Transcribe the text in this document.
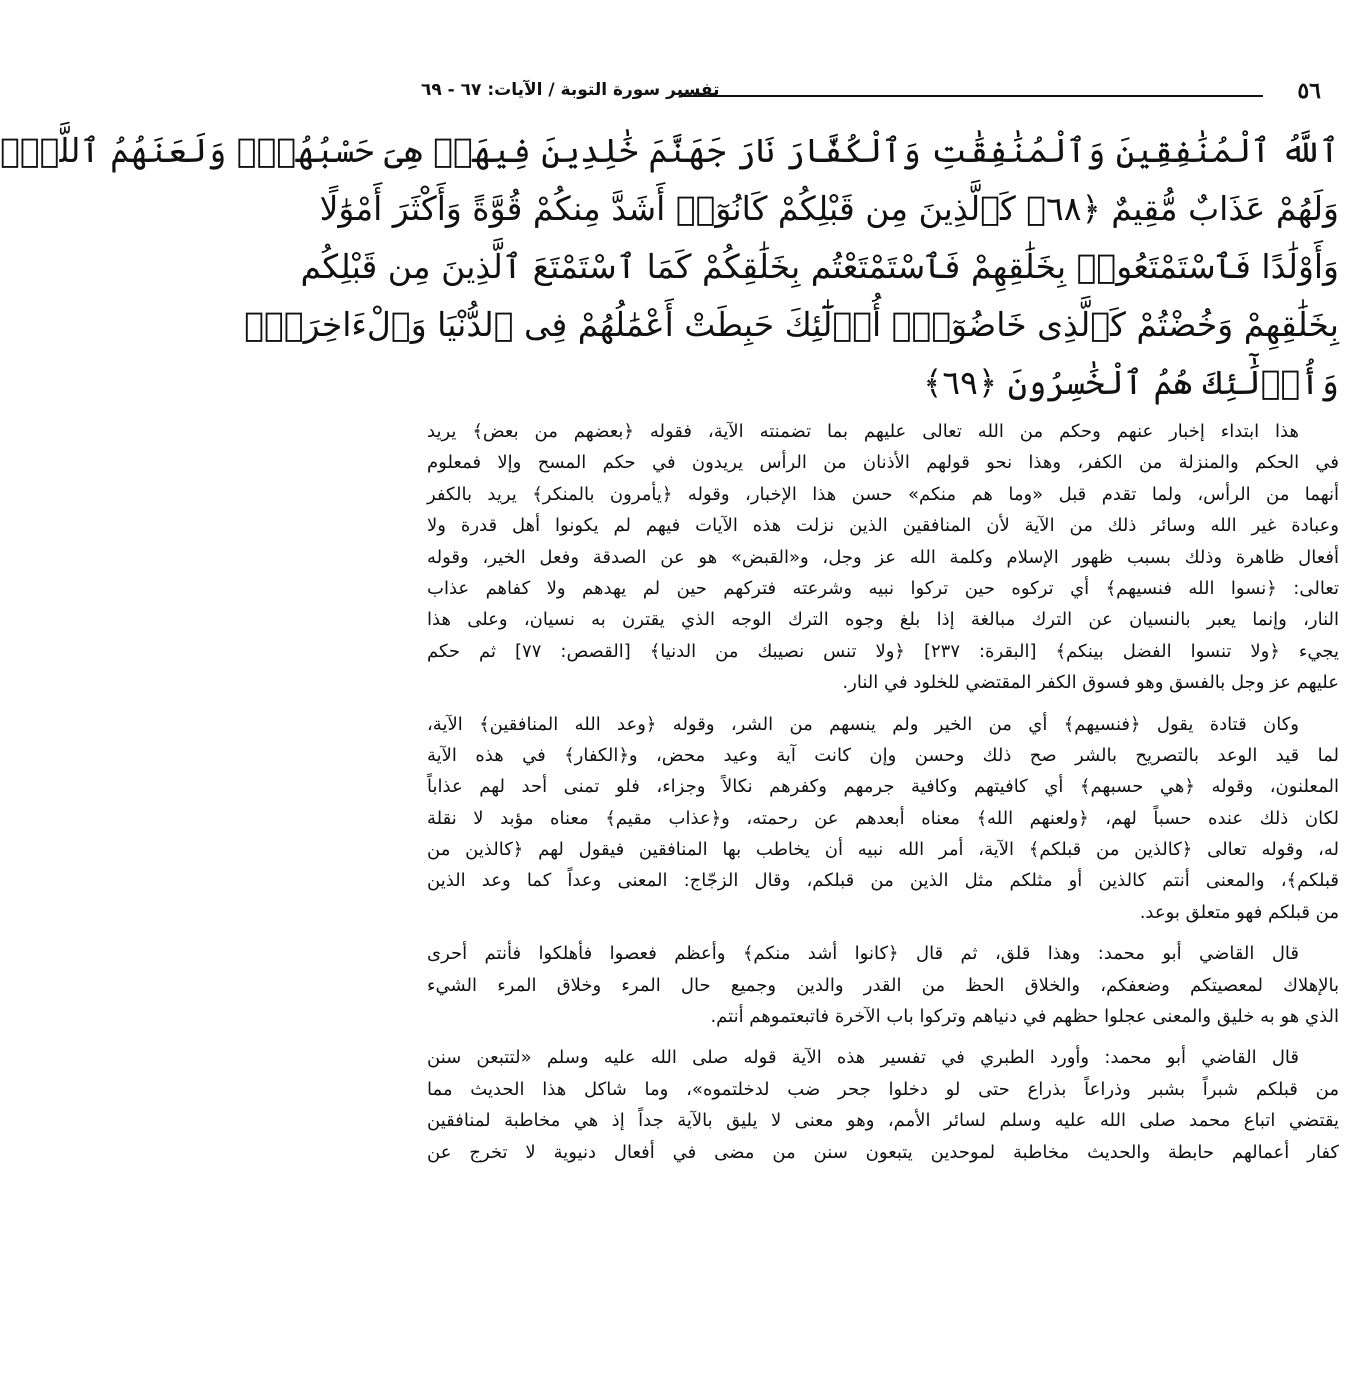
٥٦
تفسير سورة التوبة / الآيات: ٦٧ - ٦٩
ٱللَّهُ ٱلْمُنَٰفِقِينَ وَٱلْمُنَٰفِقَٰتِ وَٱلْكُفَّارَ نَارَ جَهَنَّمَ خَٰلِدِينَ فِيهَاۚ هِىَ حَسْبُهُمْۚ وَلَعَنَهُمُ ٱللَّهُۖ
وَلَهُمْ عَذَابٌ مُّقِيمٌ ﴿٦٨﴾ كَٱلَّذِينَ مِن قَبْلِكُمْ كَانُوٓا۟ أَشَدَّ مِنكُمْ قُوَّةً وَأَكْثَرَ أَمْوَٰلًا
وَأَوْلَٰدًا فَٱسْتَمْتَعُوا۟ بِخَلَٰقِهِمْ فَٱسْتَمْتَعْتُم بِخَلَٰقِكُمْ كَمَا ٱسْتَمْتَعَ ٱلَّذِينَ مِن قَبْلِكُم
بِخَلَٰقِهِمْ وَخُضْتُمْ كَٱلَّذِى خَاضُوٓا۟ۚ أُو۟لَٰٓئِكَ حَبِطَتْ أَعْمَٰلُهُمْ فِى ٱلدُّنْيَا وَٱلْءَاخِرَةِۖ
وَأُو۟لَٰٓئِكَ هُمُ ٱلْخَٰسِرُونَ ﴿٦٩﴾
هذا ابتداء إخبار عنهم وحكم من الله تعالى عليهم بما تضمنته الآية، فقوله ﴿بعضهم من بعض﴾ يريد
في الحكم والمنزلة من الكفر، وهذا نحو قولهم الأذنان من الرأس يريدون في حكم المسح وإلا فمعلوم
أنهما من الرأس، ولما تقدم قبل «وما هم منكم» حسن هذا الإخبار، وقوله ﴿يأمرون بالمنكر﴾ يريد بالكفر
وعبادة غير الله وسائر ذلك من الآية لأن المنافقين الذين نزلت هذه الآيات فيهم لم يكونوا أهل قدرة ولا
أفعال ظاهرة وذلك بسبب ظهور الإسلام وكلمة الله عز وجل، و«القبض» هو عن الصدقة وفعل الخير، وقوله
تعالى: ﴿نسوا الله فنسيهم﴾ أي تركوه حين تركوا نبيه وشرعته فتركهم حين لم يهدهم ولا كفاهم عذاب
النار، وإنما يعبر بالنسيان عن الترك مبالغة إذا بلغ وجوه الترك الوجه الذي يقترن به نسيان، وعلى هذا
يجيء ﴿ولا تنسوا الفضل بينكم﴾ [البقرة: ٢٣٧] ﴿ولا تنس نصيبك من الدنيا﴾ [القصص: ٧٧] ثم حكم
عليهم عز وجل بالفسق وهو فسوق الكفر المقتضي للخلود في النار.
وكان قتادة يقول ﴿فنسيهم﴾ أي من الخير ولم ينسهم من الشر، وقوله ﴿وعد الله المنافقين﴾ الآية،
لما قيد الوعد بالتصريح بالشر صح ذلك وحسن وإن كانت آية وعيد محض، و﴿الكفار﴾ في هذه الآية
المعلنون، وقوله ﴿هي حسبهم﴾ أي كافيتهم وكافية جرمهم وكفرهم نكالاً وجزاء، فلو تمنى أحد لهم عذاباً
لكان ذلك عنده حسباً لهم، ﴿ولعنهم الله﴾ معناه أبعدهم عن رحمته، و﴿عذاب مقيم﴾ معناه مؤبد لا نقلة
له، وقوله تعالى ﴿كالذين من قبلكم﴾ الآية، أمر الله نبيه أن يخاطب بها المنافقين فيقول لهم ﴿كالذين من
قبلكم﴾، والمعنى أنتم كالذين أو مثلكم مثل الذين من قبلكم، وقال الزجّاج: المعنى وعداً كما وعد الذين
من قبلكم فهو متعلق بوعد.
قال القاضي أبو محمد: وهذا قلق، ثم قال ﴿كانوا أشد منكم﴾ وأعظم فعصوا فأهلكوا فأنتم أحرى
بالإهلاك لمعصيتكم وضعفكم، والخلاق الحظ من القدر والدين وجميع حال المرء وخلاق المرء الشيء
الذي هو به خليق والمعنى عجلوا حظهم في دنياهم وتركوا باب الآخرة فاتبعتموهم أنتم.
قال القاضي أبو محمد: وأورد الطبري في تفسير هذه الآية قوله صلى الله عليه وسلم «لتتبعن سنن
من قبلكم شبراً بشبر وذراعاً بذراع حتى لو دخلوا جحر ضب لدخلتموه»، وما شاكل هذا الحديث مما
يقتضي اتباع محمد صلى الله عليه وسلم لسائر الأمم، وهو معنى لا يليق بالآية جداً إذ هي مخاطبة لمنافقين
كفار أعمالهم حابطة والحديث مخاطبة لموحدين يتبعون سنن من مضى في أفعال دنيوية لا تخرج عن
